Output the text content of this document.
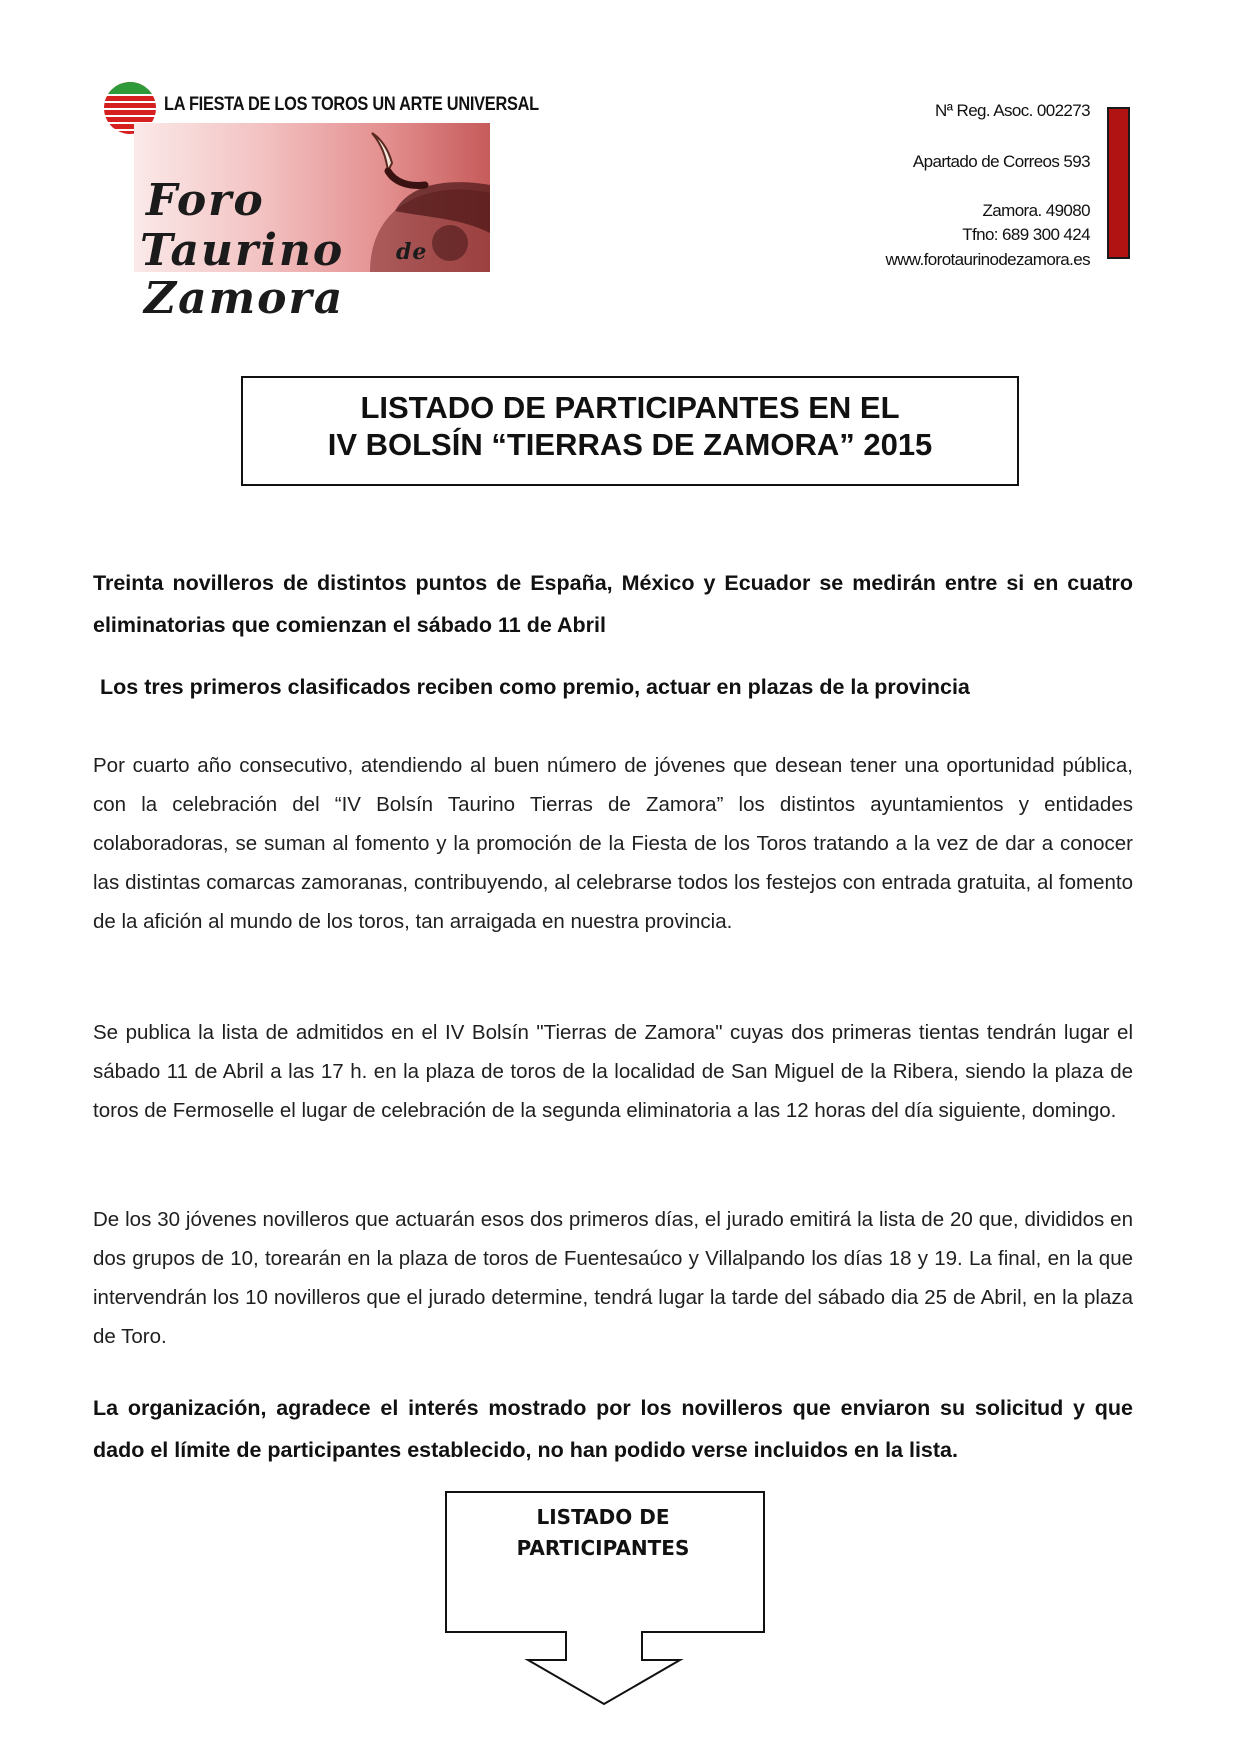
LA FIESTA DE LOS TOROS UN ARTE UNIVERSAL
Foro
Taurino de
Zamora
Nª Reg. Asoc. 002273
Apartado de Correos 593
Zamora. 49080
Tfno: 689 300 424
www.forotaurinodezamora.es
LISTADO DE PARTICIPANTES EN EL
IV BOLSÍN “TIERRAS DE ZAMORA” 2015
Treinta novilleros de distintos puntos de España, México y Ecuador se medirán entre si en cuatro eliminatorias que comienzan el sábado 11 de Abril
Los tres primeros clasificados reciben como premio, actuar en plazas de la provincia
Por cuarto año consecutivo, atendiendo al buen número de jóvenes que desean tener una oportunidad pública, con la celebración del “IV Bolsín Taurino Tierras de Zamora” los distintos ayuntamientos y entidades colaboradoras, se suman al fomento y la promoción de la Fiesta de los Toros tratando a la vez de dar a conocer las distintas comarcas zamoranas, contribuyendo, al celebrarse todos los festejos con entrada gratuita, al fomento de la afición al mundo de los toros, tan arraigada en nuestra provincia.
Se publica la lista de admitidos en el IV Bolsín "Tierras de Zamora" cuyas dos primeras tientas tendrán lugar el sábado 11 de Abril a las 17 h. en la plaza de toros de la localidad de San Miguel de la Ribera, siendo la plaza de toros de Fermoselle el lugar de celebración de la segunda eliminatoria a las 12 horas del día siguiente, domingo.
De los 30 jóvenes novilleros que actuarán esos dos primeros días, el jurado emitirá la lista de 20 que, divididos en dos grupos de 10, torearán en la plaza de toros de Fuentesaúco y Villalpando los días 18 y 19. La final, en la que intervendrán los 10 novilleros que el jurado determine, tendrá lugar la tarde del sábado dia 25 de Abril, en la plaza de Toro.
La organización, agradece el interés mostrado por los novilleros que enviaron su solicitud y que dado el límite de participantes establecido, no han podido verse incluidos en la lista.
LISTADO DE
PARTICIPANTES
